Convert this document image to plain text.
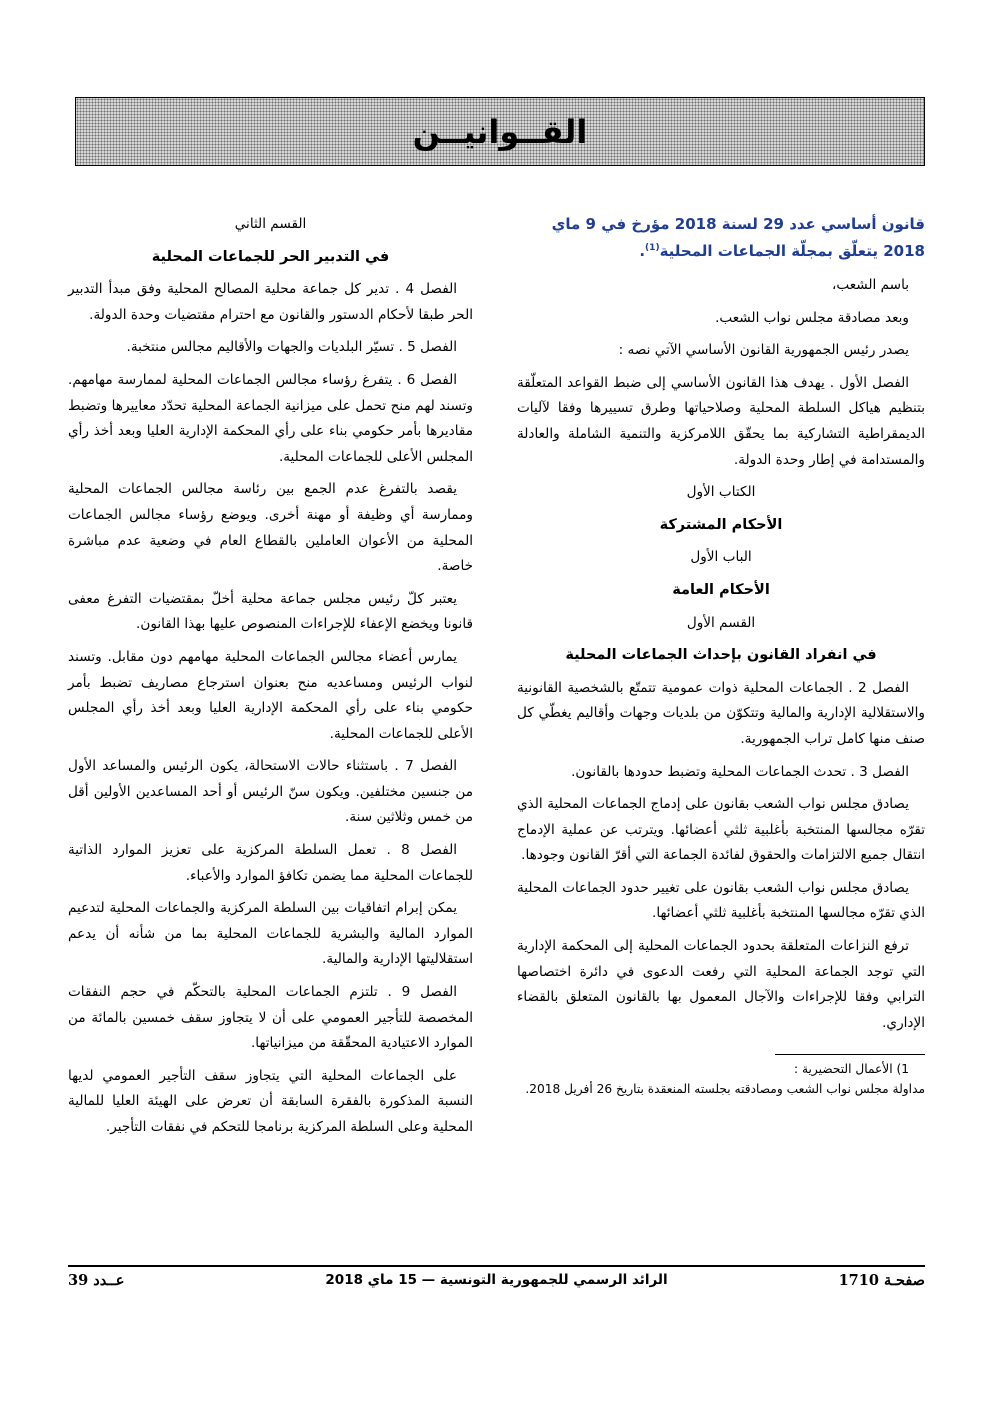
القــوانيــن

قانون أساسي عدد 29 لسنة 2018 مؤرخ في 9 ماي 2018 يتعلّق بمجلّة الجماعات المحلية$^{(1)}$.

باسم الشعب،

وبعد مصادقة مجلس نواب الشعب.

يصدر رئيس الجمهورية القانون الأساسي الآتي نصه :

الفصل الأول . يهدف هذا القانون الأساسي إلى ضبط القواعد المتعلّقة بتنظيم هياكل السلطة المحلية وصلاحياتها وطرق تسييرها وفقا لآليات الديمقراطية التشاركية بما يحقّق اللامركزية والتنمية الشاملة والعادلة والمستدامة في إطار وحدة الدولة.

الكتاب الأول

الأحكام المشتركة

الباب الأول

الأحكام العامة

القسم الأول

في انفراد القانون بإحداث الجماعات المحلية

الفصل 2 . الجماعات المحلية ذوات عمومية تتمتّع بالشخصية القانونية والاستقلالية الإدارية والمالية وتتكوّن من بلديات وجهات وأقاليم يغطّي كل صنف منها كامل تراب الجمهورية.

الفصل 3 . تحدث الجماعات المحلية وتضبط حدودها بالقانون.

يصادق مجلس نواب الشعب بقانون على إدماج الجماعات المحلية الذي تقرّه مجالسها المنتخبة بأغلبية ثلثي أعضائها. ويترتب عن عملية الإدماج انتقال جميع الالتزامات والحقوق لفائدة الجماعة التي أقرّ القانون وجودها.

يصادق مجلس نواب الشعب بقانون على تغيير حدود الجماعات المحلية الذي تقرّه مجالسها المنتخبة بأغلبية ثلثي أعضائها.

ترفع النزاعات المتعلقة بحدود الجماعات المحلية إلى المحكمة الإدارية التي توجد الجماعة المحلية التي رفعت الدعوى في دائرة اختصاصها الترابي وفقا للإجراءات والآجال المعمول بها بالقانون المتعلق بالقضاء الإداري.

1) الأعمال التحضيرية :

مداولة مجلس نواب الشعب ومصادقته بجلسته المنعقدة بتاريخ 26 أفريل 2018.

القسم الثاني

في التدبير الحر للجماعات المحلية

الفصل 4 . تدير كل جماعة محلية المصالح المحلية وفق مبدأ التدبير الحر طبقا لأحكام الدستور والقانون مع احترام مقتضيات وحدة الدولة.

الفصل 5 . تسيّر البلديات والجهات والأقاليم مجالس منتخبة.

الفصل 6 . يتفرغ رؤساء مجالس الجماعات المحلية لممارسة مهامهم. وتسند لهم منح تحمل على ميزانية الجماعة المحلية تحدّد معاييرها وتضبط مقاديرها بأمر حكومي بناء على رأي المحكمة الإدارية العليا وبعد أخذ رأي المجلس الأعلى للجماعات المحلية.

يقصد بالتفرغ عدم الجمع بين رئاسة مجالس الجماعات المحلية وممارسة أي وظيفة أو مهنة أخرى. ويوضع رؤساء مجالس الجماعات المحلية من الأعوان العاملين بالقطاع العام في وضعية عدم مباشرة خاصة.

يعتبر كلّ رئيس مجلس جماعة محلية أخلّ بمقتضيات التفرغ معفى قانونا ويخضع الإعفاء للإجراءات المنصوص عليها بهذا القانون.

يمارس أعضاء مجالس الجماعات المحلية مهامهم دون مقابل. وتسند لنواب الرئيس ومساعديه منح بعنوان استرجاع مصاريف تضبط بأمر حكومي بناء على رأي المحكمة الإدارية العليا وبعد أخذ رأي المجلس الأعلى للجماعات المحلية.

الفصل 7 . باستثناء حالات الاستحالة، يكون الرئيس والمساعد الأول من جنسين مختلفين. ويكون سنّ الرئيس أو أحد المساعدين الأولين أقل من خمس وثلاثين سنة.

الفصل 8 . تعمل السلطة المركزية على تعزيز الموارد الذاتية للجماعات المحلية مما يضمن تكافؤ الموارد والأعباء.

يمكن إبرام اتفاقيات بين السلطة المركزية والجماعات المحلية لتدعيم الموارد المالية والبشرية للجماعات المحلية بما من شأنه أن يدعم استقلاليتها الإدارية والمالية.

الفصل 9 . تلتزم الجماعات المحلية بالتحكّم في حجم النفقات المخصصة للتأجير العمومي على أن لا يتجاوز سقف خمسين بالمائة من الموارد الاعتيادية المحقّقة من ميزانياتها.

على الجماعات المحلية التي يتجاوز سقف التأجير العمومي لديها النسبة المذكورة بالفقرة السابقة أن تعرض على الهيئة العليا للمالية المحلية وعلى السلطة المركزية برنامجا للتحكم في نفقات التأجير.

صفحـة 1710
الرائد الرسمي للجمهورية التونسية — 15 ماي 2018
عــدد 39
